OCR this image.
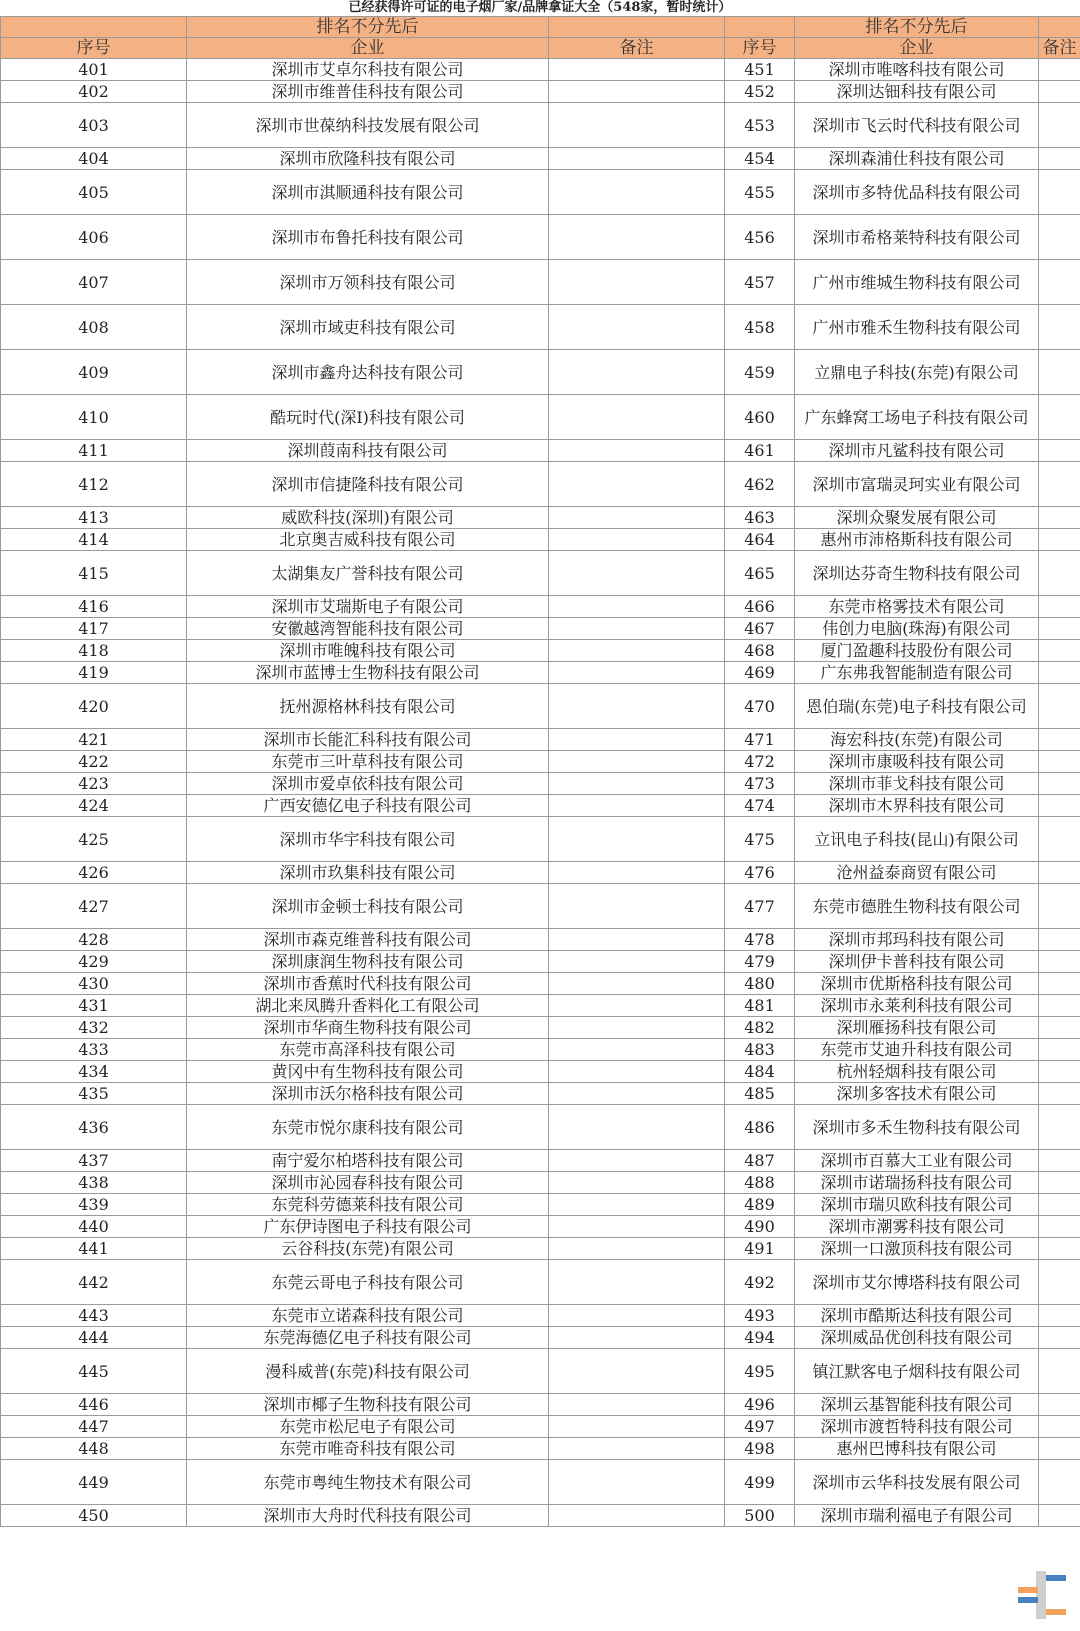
已经获得许可证的电子烟厂家/品牌拿证大全（548家，暂时统计）
	排名不分先后			排名不分先后	
序号	企业	备注	序号	企业	备注
401	深圳市艾卓尔科技有限公司		451	深圳市唯喀科技有限公司	
402	深圳市维普佳科技有限公司		452	深圳达钿科技有限公司	
403	深圳市世葆纳科技发展有限公司		453	深圳市飞云时代科技有限公司	
404	深圳市欣隆科技有限公司		454	深圳森浦仕科技有限公司	
405	深圳市淇顺通科技有限公司		455	深圳市多特优品科技有限公司	
406	深圳市布鲁托科技有限公司		456	深圳市希格莱特科技有限公司	
407	深圳市万领科技有限公司		457	广州市维城生物科技有限公司	
408	深圳市域吏科技有限公司		458	广州市雅禾生物科技有限公司	
409	深圳市鑫舟达科技有限公司		459	立鼎电子科技(东莞)有限公司	
410	酷玩时代(深I)科技有限公司		460	广东蜂窝工场电子科技有限公司	
411	深圳葭南科技有限公司		461	深圳市凡鲨科技有限公司	
412	深圳市信捷隆科技有限公司		462	深圳市富瑞灵珂实业有限公司	
413	威欧科技(深圳)有限公司		463	深圳众聚发展有限公司	
414	北京奥吉威科技有限公司		464	惠州市沛格斯科技有限公司	
415	太湖集友广誉科技有限公司		465	深圳达芬奇生物科技有限公司	
416	深圳市艾瑞斯电子有限公司		466	东莞市格雾技术有限公司	
417	安徽越湾智能科技有限公司		467	伟创力电脑(珠海)有限公司	
418	深圳市唯魄科技有限公司		468	厦门盈趣科技股份有限公司	
419	深圳市蓝博士生物科技有限公司		469	广东弗我智能制造有限公司	
420	抚州源格林科技有限公司		470	恩伯瑞(东莞)电子科技有限公司	
421	深圳市长能汇科科技有限公司		471	海宏科技(东莞)有限公司	
422	东莞市三叶草科技有限公司		472	深圳市康吸科技有限公司	
423	深圳市爱卓依科技有限公司		473	深圳市菲戈科技有限公司	
424	广西安德亿电子科技有限公司		474	深圳市木界科技有限公司	
425	深圳市华宇科技有限公司		475	立讯电子科技(昆山)有限公司	
426	深圳市玖集科技有限公司		476	沧州益泰商贸有限公司	
427	深圳市金顿士科技有限公司		477	东莞市德胜生物科技有限公司	
428	深圳市森克维普科技有限公司		478	深圳市邦玛科技有限公司	
429	深圳康润生物科技有限公司		479	深圳伊卡普科技有限公司	
430	深圳市香蕉时代科技有限公司		480	深圳市优斯格科技有限公司	
431	湖北来凤腾升香料化工有限公司		481	深圳市永莱利科技有限公司	
432	深圳市华商生物科技有限公司		482	深圳雁扬科技有限公司	
433	东莞市高泽科技有限公司		483	东莞市艾迪升科技有限公司	
434	黄冈中有生物科技有限公司		484	杭州轻烟科技有限公司	
435	深圳市沃尔格科技有限公司		485	深圳多客技术有限公司	
436	东莞市悦尔康科技有限公司		486	深圳市多禾生物科技有限公司	
437	南宁爱尔柏塔科技有限公司		487	深圳市百慕大工业有限公司	
438	深圳市沁园春科技有限公司		488	深圳市诺瑞扬科技有限公司	
439	东莞科劳德莱科技有限公司		489	深圳市瑞贝欧科技有限公司	
440	广东伊诗图电子科技有限公司		490	深圳市潮雾科技有限公司	
441	云谷科技(东莞)有限公司		491	深圳一口激顶科技有限公司	
442	东莞云哥电子科技有限公司		492	深圳市艾尔博塔科技有限公司	
443	东莞市立诺森科技有限公司		493	深圳市酷斯达科技有限公司	
444	东莞海德亿电子科技有限公司		494	深圳威品优创科技有限公司	
445	漫科威普(东莞)科技有限公司		495	镇江默客电子烟科技有限公司	
446	深圳市椰子生物科技有限公司		496	深圳云基智能科技有限公司	
447	东莞市松尼电子有限公司		497	深圳市渡哲特科技有限公司	
448	东莞市唯奇科技有限公司		498	惠州巴博科技有限公司	
449	东莞市粤纯生物技术有限公司		499	深圳市云华科技发展有限公司	
450	深圳市大舟时代科技有限公司		500	深圳市瑞利福电子有限公司	
